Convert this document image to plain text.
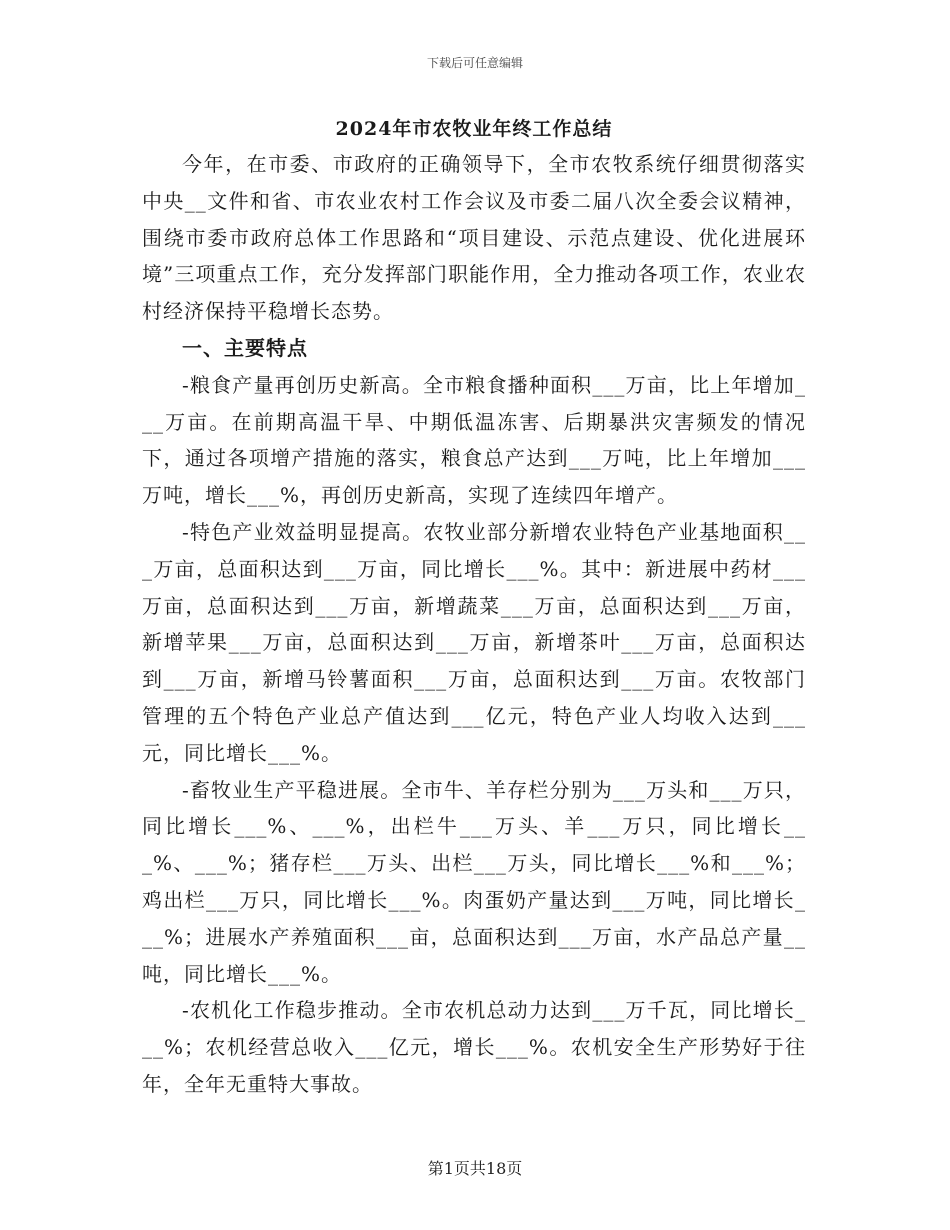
下载后可任意编辑
2024年市农牧业年终工作总结

今年，在市委、市政府的正确领导下，全市农牧系统仔细贯彻落实中央__文件和省、市农业农村工作会议及市委二届八次全委会议精神，围绕市委市政府总体工作思路和“项目建设、示范点建设、优化进展环境”三项重点工作，充分发挥部门职能作用，全力推动各项工作，农业农村经济保持平稳增长态势。

一、主要特点

-粮食产量再创历史新高。全市粮食播种面积___万亩，比上年增加___万亩。在前期高温干旱、中期低温冻害、后期暴洪灾害频发的情况下，通过各项增产措施的落实，粮食总产达到___万吨，比上年增加___万吨，增长___%，再创历史新高，实现了连续四年增产。

-特色产业效益明显提高。农牧业部分新增农业特色产业基地面积___万亩，总面积达到___万亩，同比增长___%。其中：新进展中药材___万亩，总面积达到___万亩，新增蔬菜___万亩，总面积达到___万亩，新增苹果___万亩，总面积达到___万亩，新增茶叶___万亩，总面积达到___万亩，新增马铃薯面积___万亩，总面积达到___万亩。农牧部门管理的五个特色产业总产值达到___亿元，特色产业人均收入达到___元，同比增长___%。

-畜牧业生产平稳进展。全市牛、羊存栏分别为___万头和___万只，同比增长___%、___%，出栏牛___万头、羊___万只，同比增长___%、___%；猪存栏___万头、出栏___万头，同比增长___%和___%；鸡出栏___万只，同比增长___%。肉蛋奶产量达到___万吨，同比增长___%；进展水产养殖面积___亩，总面积达到___万亩，水产品总产量__吨，同比增长___%。

-农机化工作稳步推动。全市农机总动力达到___万千瓦，同比增长___%；农机经营总收入___亿元，增长___%。农机安全生产形势好于往年，全年无重特大事故。

第1页共18页
